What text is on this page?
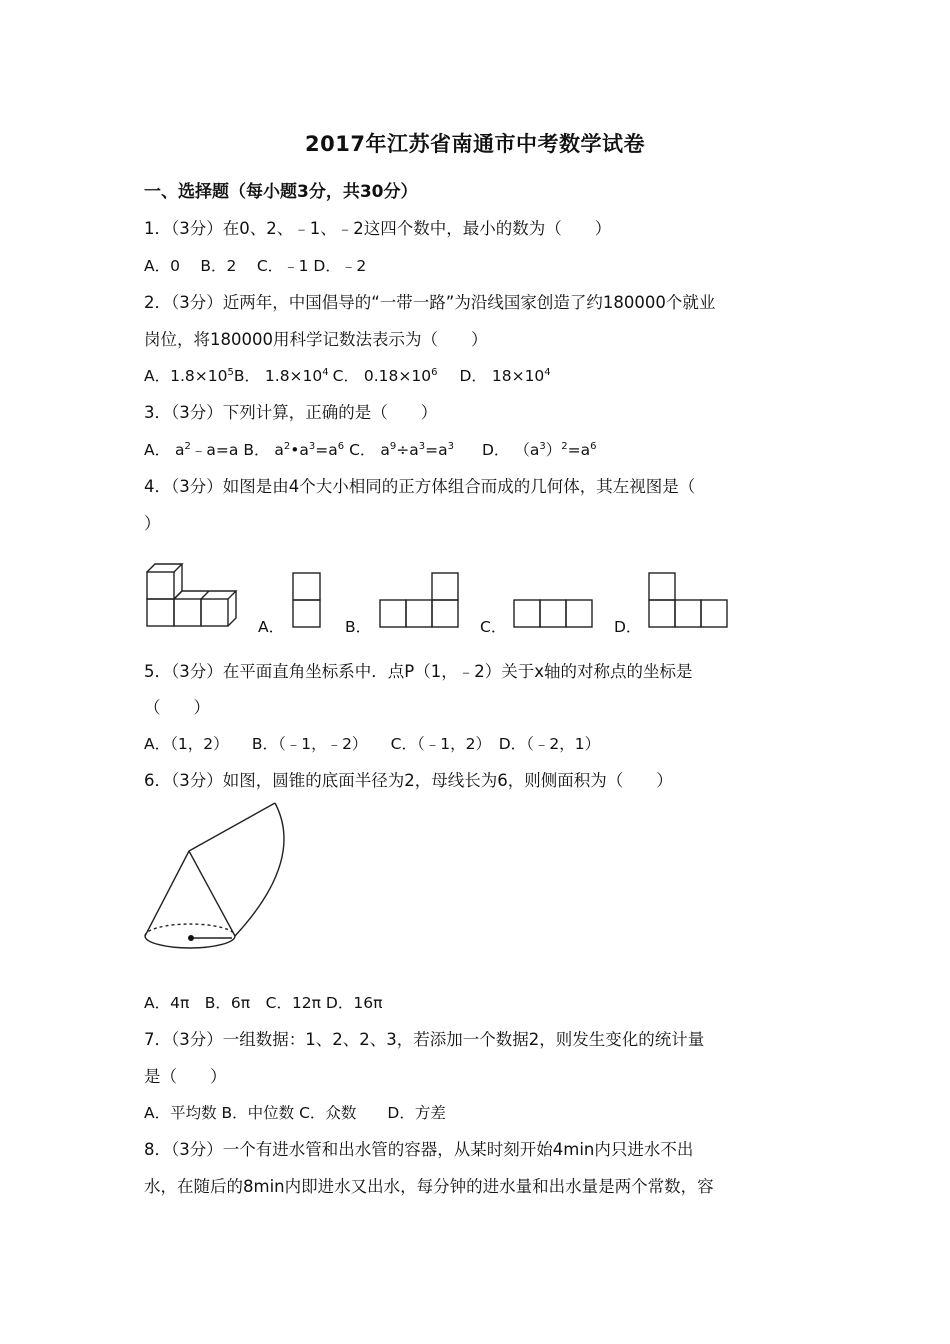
2017年江苏省南通市中考数学试卷
一、选择题（每小题3分，共30分）
1．（3分）在0、2、﹣1、﹣2这四个数中，最小的数为（　　）
A．0　 B．2　 C．﹣1 D．﹣2
2．（3分）近两年，中国倡导的“一带一路”为沿线国家创造了约180000个就业
岗位，将180000用科学记数法表示为（　　）
A．$1.8\times 10^5B$． $1.8\times 10^4$ C． $0.18\times 10^6$ D． $18\times 10^4$
3．（3分）下列计算，正确的是（　　）
A． $a^2﹣a=a$ B． $a^2•a^3=a^6$ C． $a^9\div a^3=a^3$ D． $(a^3)^2=a^6$
4．（3分）如图是由4个大小相同的正方体组合而成的几何体，其左视图是（
）
A．	B．	C．	D．
5．（3分）在平面直角坐标系中．点P（1，﹣2）关于x轴的对称点的坐标是
（　　）
A．（1，2）　　B．（﹣1，﹣2）　　C．（﹣1，2）　D．（﹣2，1）
6．（3分）如图，圆锥的底面半径为2，母线长为6，则侧面积为（　　）
A．4π　B．6π　C．12π D．16π
7．（3分）一组数据：1、2、2、3，若添加一个数据2，则发生变化的统计量
是（　　）
A．平均数 B．中位数 C．众数　　D．方差
8．（3分）一个有进水管和出水管的容器，从某时刻开始4min内只进水不出
水，在随后的8min内即进水又出水，每分钟的进水量和出水量是两个常数，容
